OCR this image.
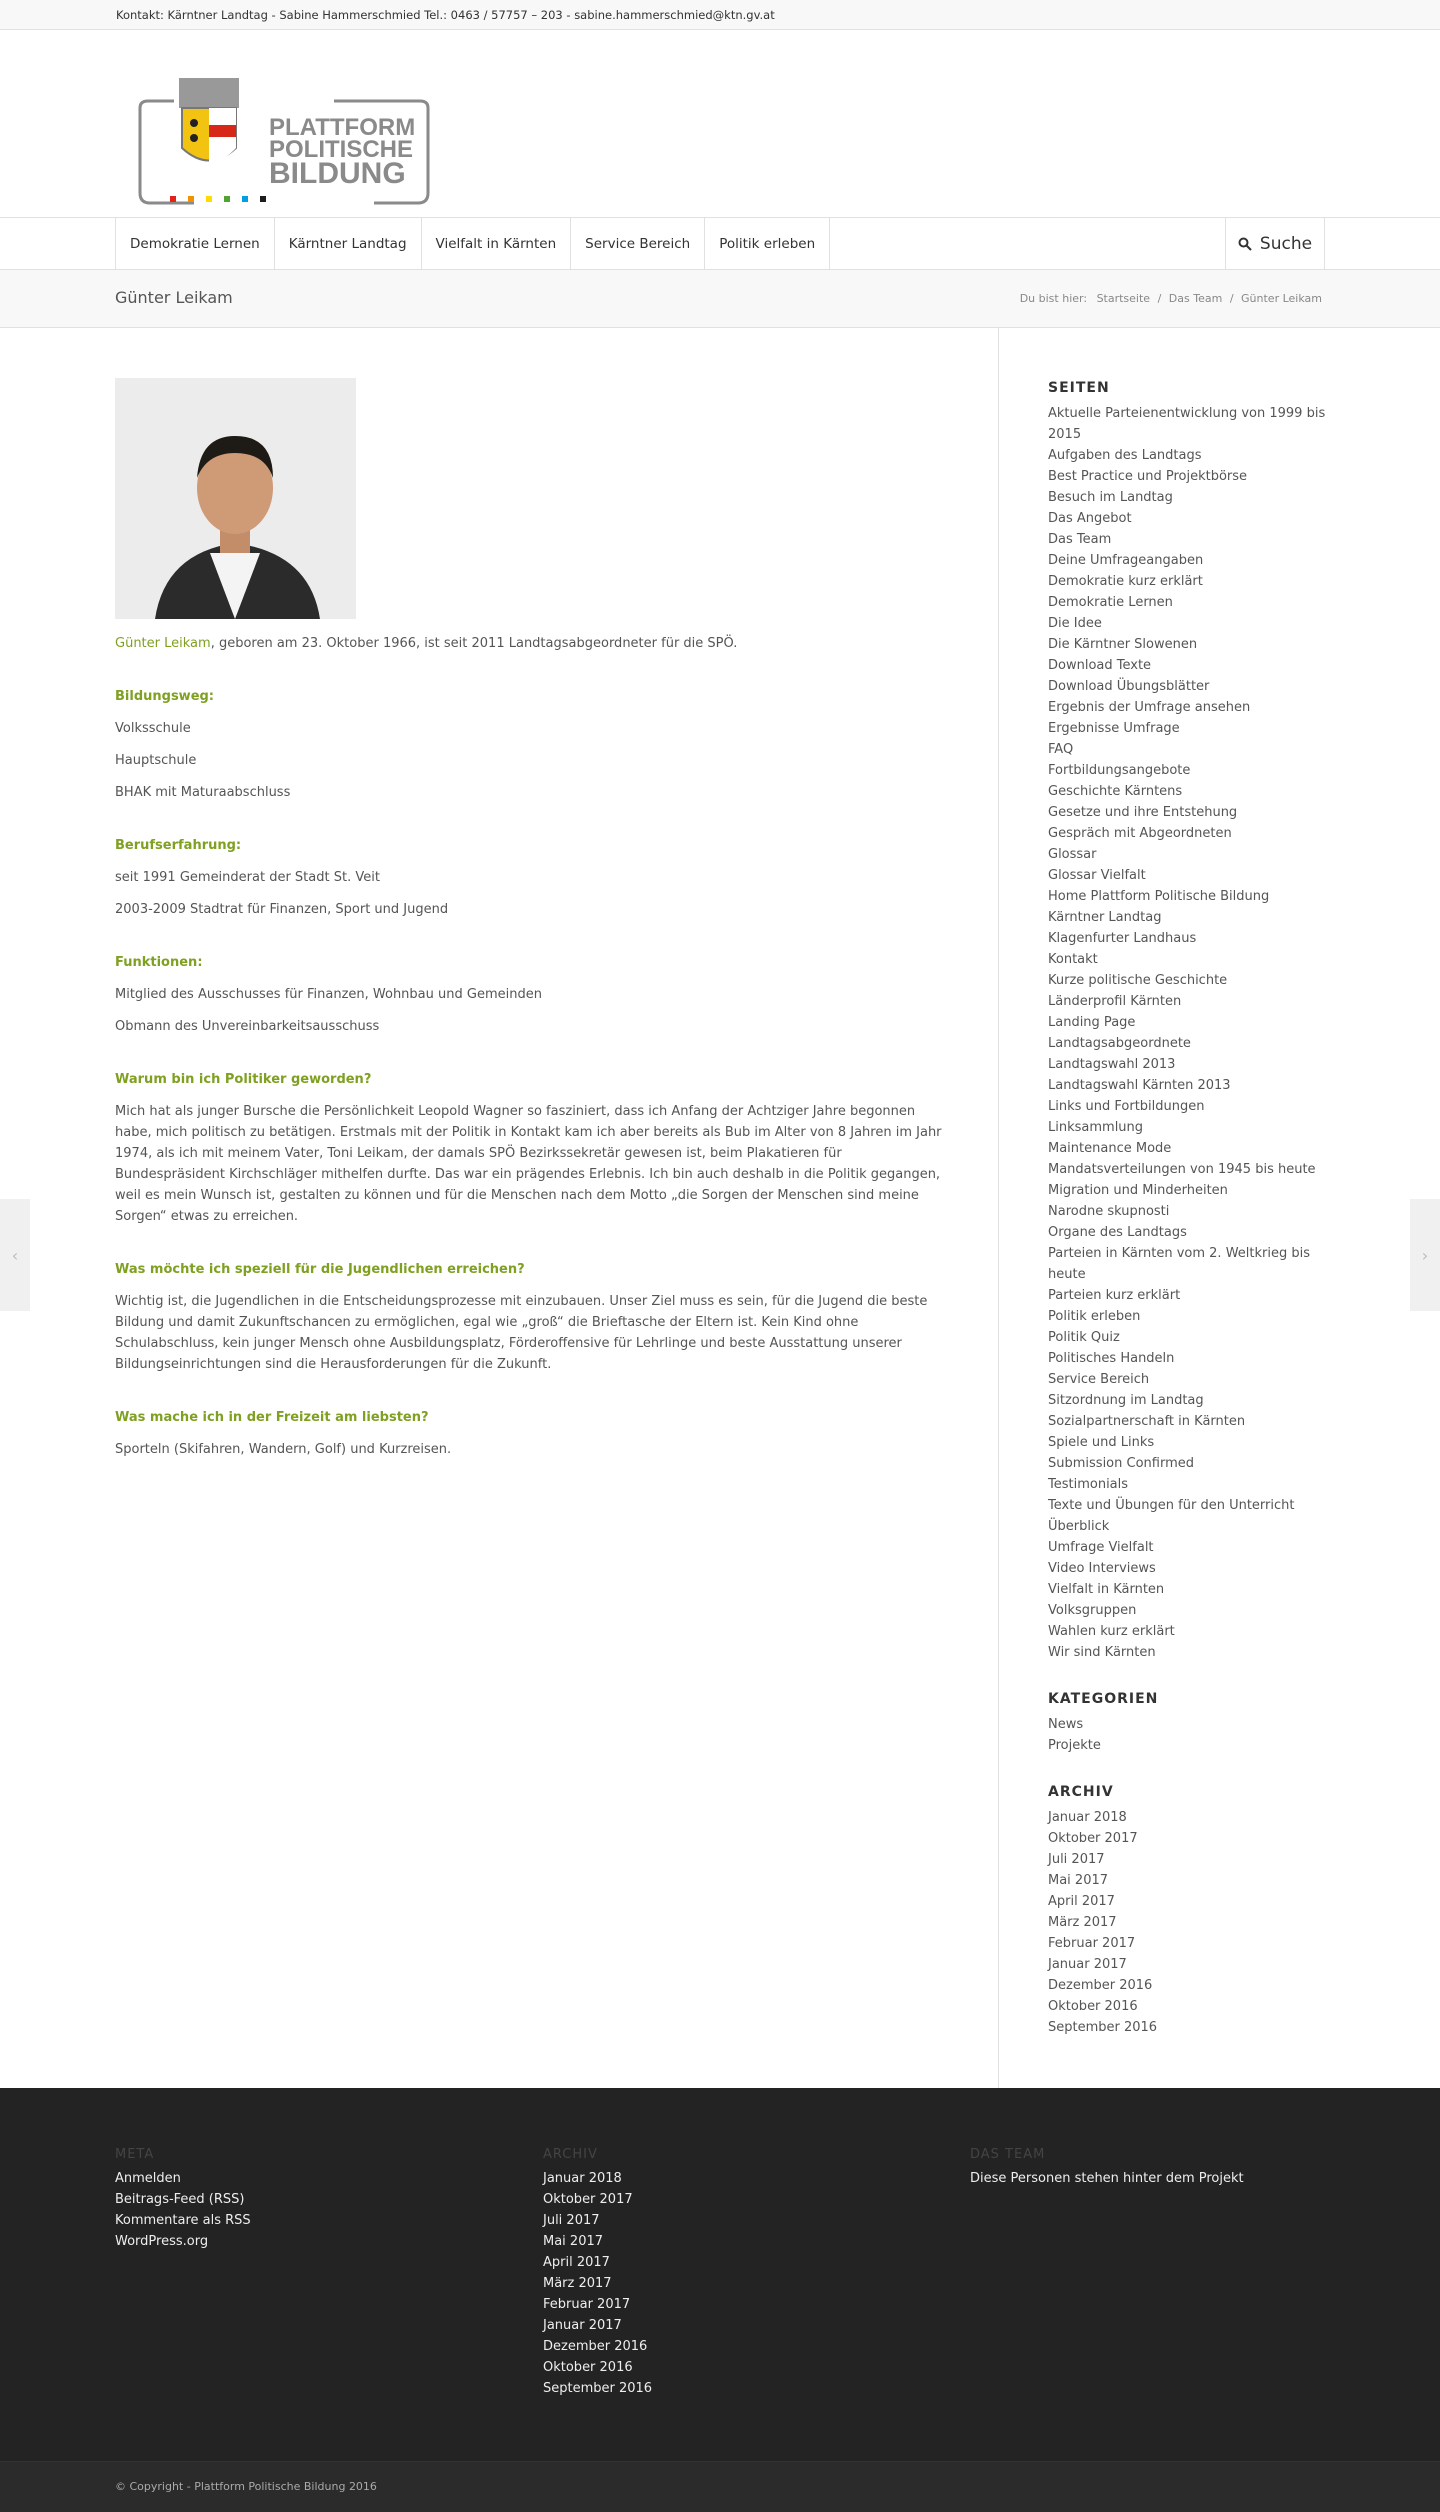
Kontakt: Kärntner Landtag - Sabine Hammerschmied Tel.: 0463 / 57757 – 203 - sabine.hammerschmied@ktn.gv.at
PLATTFORM
POLITISCHE
BILDUNG
Demokratie Lernen	Kärntner Landtag	Vielfalt in Kärnten	Service Bereich	Politik erleben	Suche
Günter Leikam	Du bist hier: Startseite / Das Team / Günter Leikam

Günter Leikam, geboren am 23. Oktober 1966, ist seit 2011 Landtagsabgeordneter für die SPÖ.

Bildungsweg:

Volksschule

Hauptschule

BHAK mit Maturaabschluss

Berufserfahrung:

seit 1991 Gemeinderat der Stadt St. Veit

2003-2009 Stadtrat für Finanzen, Sport und Jugend

Funktionen:

Mitglied des Ausschusses für Finanzen, Wohnbau und Gemeinden

Obmann des Unvereinbarkeitsausschuss

Warum bin ich Politiker geworden?

Mich hat als junger Bursche die Persönlichkeit Leopold Wagner so fasziniert, dass ich Anfang der Achtziger Jahre begonnen habe, mich politisch zu betätigen. Erstmals mit der Politik in Kontakt kam ich aber bereits als Bub im Alter von 8 Jahren im Jahr 1974, als ich mit meinem Vater, Toni Leikam, der damals SPÖ Bezirkssekretär gewesen ist, beim Plakatieren für Bundespräsident Kirchschläger mithelfen durfte. Das war ein prägendes Erlebnis. Ich bin auch deshalb in die Politik gegangen, weil es mein Wunsch ist, gestalten zu können und für die Menschen nach dem Motto „die Sorgen der Menschen sind meine Sorgen“ etwas zu erreichen.

Was möchte ich speziell für die Jugendlichen erreichen?

Wichtig ist, die Jugendlichen in die Entscheidungsprozesse mit einzubauen. Unser Ziel muss es sein, für die Jugend die beste Bildung und damit Zukunftschancen zu ermöglichen, egal wie „groß“ die Brieftasche der Eltern ist. Kein Kind ohne Schulabschluss, kein junger Mensch ohne Ausbildungsplatz, Förderoffensive für Lehrlinge und beste Ausstattung unserer Bildungseinrichtungen sind die Herausforderungen für die Zukunft.

Was mache ich in der Freizeit am liebsten?

Sporteln (Skifahren, Wandern, Golf) und Kurzreisen.

SEITEN
Aktuelle Parteienentwicklung von 1999 bis 2015
Aufgaben des Landtags
Best Practice und Projektbörse
Besuch im Landtag
Das Angebot
Das Team
Deine Umfrageangaben
Demokratie kurz erklärt
Demokratie Lernen
Die Idee
Die Kärntner Slowenen
Download Texte
Download Übungsblätter
Ergebnis der Umfrage ansehen
Ergebnisse Umfrage
FAQ
Fortbildungsangebote
Geschichte Kärntens
Gesetze und ihre Entstehung
Gespräch mit Abgeordneten
Glossar
Glossar Vielfalt
Home Plattform Politische Bildung
Kärntner Landtag
Klagenfurter Landhaus
Kontakt
Kurze politische Geschichte
Länderprofil Kärnten
Landing Page
Landtagsabgeordnete
Landtagswahl 2013
Landtagswahl Kärnten 2013
Links und Fortbildungen
Linksammlung
Maintenance Mode
Mandatsverteilungen von 1945 bis heute
Migration und Minderheiten
Narodne skupnosti
Organe des Landtags
Parteien in Kärnten vom 2. Weltkrieg bis heute
Parteien kurz erklärt
Politik erleben
Politik Quiz
Politisches Handeln
Service Bereich
Sitzordnung im Landtag
Sozialpartnerschaft in Kärnten
Spiele und Links
Submission Confirmed
Testimonials
Texte und Übungen für den Unterricht
Überblick
Umfrage Vielfalt
Video Interviews
Vielfalt in Kärnten
Volksgruppen
Wahlen kurz erklärt
Wir sind Kärnten
KATEGORIEN
News
Projekte
ARCHIV
Januar 2018
Oktober 2017
Juli 2017
Mai 2017
April 2017
März 2017
Februar 2017
Januar 2017
Dezember 2016
Oktober 2016
September 2016
‹	›
META
Anmelden
Beitrags-Feed (RSS)
Kommentare als RSS
WordPress.org
ARCHIV
Januar 2018
Oktober 2017
Juli 2017
Mai 2017
April 2017
März 2017
Februar 2017
Januar 2017
Dezember 2016
Oktober 2016
September 2016
DAS TEAM
Diese Personen stehen hinter dem Projekt
© Copyright - Plattform Politische Bildung 2016
